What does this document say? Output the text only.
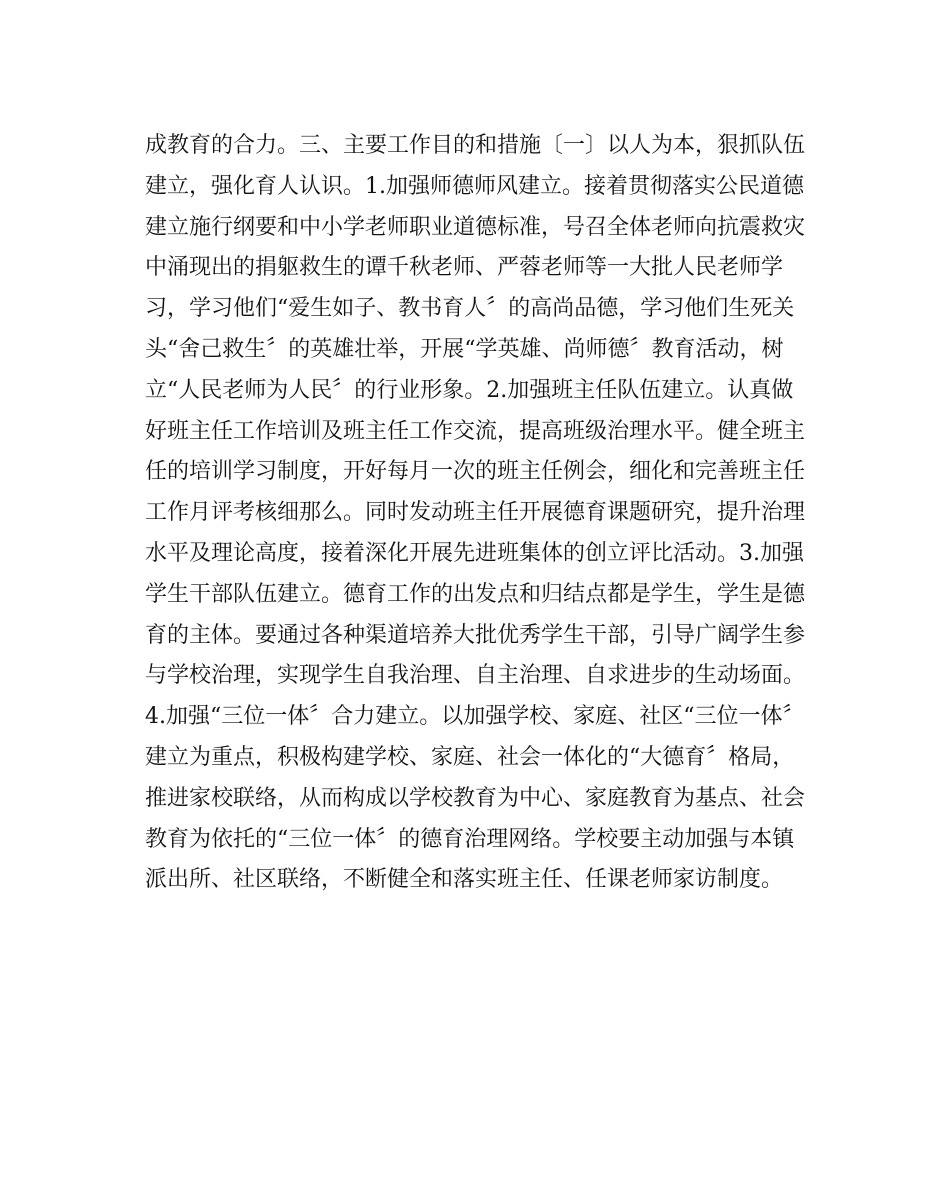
成教育的合力。三、主要工作目的和措施〔一〕以人为本，狠抓队伍
建立，强化育人认识。1.加强师德师风建立。接着贯彻落实公民道德
建立施行纲要和中小学老师职业道德标准，号召全体老师向抗震救灾
中涌现出的捐躯救生的谭千秋老师、严蓉老师等一大批人民老师学
习，学习他们“爱生如子、教书育人〞的高尚品德，学习他们生死关
头“舍己救生〞的英雄壮举，开展“学英雄、尚师德〞教育活动，树
立“人民老师为人民〞的行业形象。2.加强班主任队伍建立。认真做
好班主任工作培训及班主任工作交流，提高班级治理水平。健全班主
任的培训学习制度，开好每月一次的班主任例会，细化和完善班主任
工作月评考核细那么。同时发动班主任开展德育课题研究，提升治理
水平及理论高度，接着深化开展先进班集体的创立评比活动。3.加强
学生干部队伍建立。德育工作的出发点和归结点都是学生，学生是德
育的主体。要通过各种渠道培养大批优秀学生干部，引导广阔学生参
与学校治理，实现学生自我治理、自主治理、自求进步的生动场面。
4.加强“三位一体〞合力建立。以加强学校、家庭、社区“三位一体〞
建立为重点，积极构建学校、家庭、社会一体化的“大德育〞格局，
推进家校联络，从而构成以学校教育为中心、家庭教育为基点、社会
教育为依托的“三位一体〞的德育治理网络。学校要主动加强与本镇
派出所、社区联络，不断健全和落实班主任、任课老师家访制度。
